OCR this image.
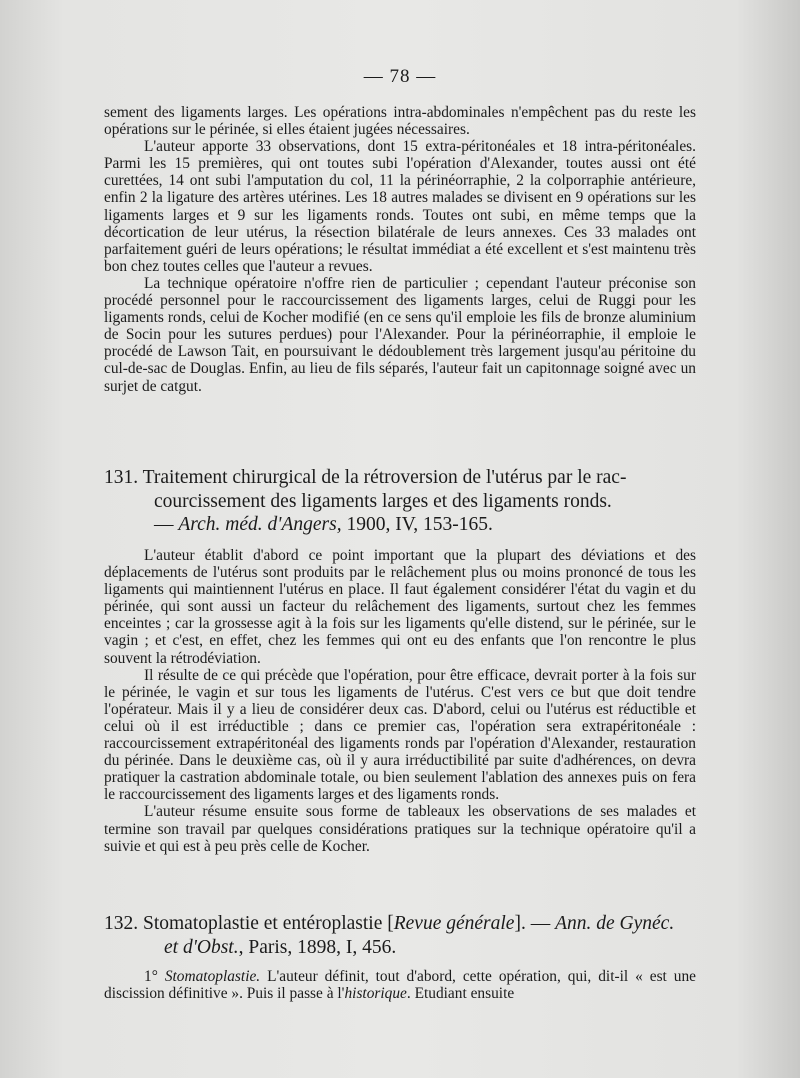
— 78 —

sement des ligaments larges. Les opérations intra-abdominales n'empêchent pas du reste les opérations sur le périnée, si elles étaient jugées nécessaires.

L'auteur apporte 33 observations, dont 15 extra-péritonéales et 18 intra-péritonéales. Parmi les 15 premières, qui ont toutes subi l'opération d'Alexander, toutes aussi ont été curettées, 14 ont subi l'amputation du col, 11 la périnéorraphie, 2 la colporraphie antérieure, enfin 2 la ligature des artères utérines. Les 18 autres malades se divisent en 9 opérations sur les ligaments larges et 9 sur les ligaments ronds. Toutes ont subi, en même temps que la décortication de leur utérus, la résection bilatérale de leurs annexes. Ces 33 malades ont parfaitement guéri de leurs opérations; le résultat immédiat a été excellent et s'est maintenu très bon chez toutes celles que l'auteur a revues.

La technique opératoire n'offre rien de particulier ; cependant l'auteur préconise son procédé personnel pour le raccourcissement des ligaments larges, celui de Ruggi pour les ligaments ronds, celui de Kocher modifié (en ce sens qu'il emploie les fils de bronze aluminium de Socin pour les sutures perdues) pour l'Alexander. Pour la périnéorraphie, il emploie le procédé de Lawson Tait, en poursuivant le dédoublement très largement jusqu'au péritoine du cul-de-sac de Douglas. Enfin, au lieu de fils séparés, l'auteur fait un capitonnage soigné avec un surjet de catgut.

131. Traitement chirurgical de la rétroversion de l'utérus par le rac-
courcissement des ligaments larges et des ligaments ronds.
— Arch. méd. d'Angers, 1900, IV, 153-165.

L'auteur établit d'abord ce point important que la plupart des déviations et des déplacements de l'utérus sont produits par le relâchement plus ou moins prononcé de tous les ligaments qui maintiennent l'utérus en place. Il faut également considérer l'état du vagin et du périnée, qui sont aussi un facteur du relâchement des ligaments, surtout chez les femmes enceintes ; car la grossesse agit à la fois sur les ligaments qu'elle distend, sur le périnée, sur le vagin ; et c'est, en effet, chez les femmes qui ont eu des enfants que l'on rencontre le plus souvent la rétrodéviation.

Il résulte de ce qui précède que l'opération, pour être efficace, devrait porter à la fois sur le périnée, le vagin et sur tous les ligaments de l'utérus. C'est vers ce but que doit tendre l'opérateur. Mais il y a lieu de considérer deux cas. D'abord, celui ou l'utérus est réductible et celui où il est irréductible ; dans ce premier cas, l'opération sera extrapéritonéale : raccourcissement extrapéritonéal des ligaments ronds par l'opération d'Alexander, restauration du périnée. Dans le deuxième cas, où il y aura irréductibilité par suite d'adhérences, on devra pratiquer la castration abdominale totale, ou bien seulement l'ablation des annexes puis on fera le raccourcissement des ligaments larges et des ligaments ronds.

L'auteur résume ensuite sous forme de tableaux les observations de ses malades et termine son travail par quelques considérations pratiques sur la technique opératoire qu'il a suivie et qui est à peu près celle de Kocher.

132. Stomatoplastie et entéroplastie [Revue générale]. — Ann. de Gynéc.
et d'Obst., Paris, 1898, I, 456.

1° Stomatoplastie. L'auteur définit, tout d'abord, cette opération, qui, dit-il « est une discission définitive ». Puis il passe à l'historique. Etudiant ensuite
